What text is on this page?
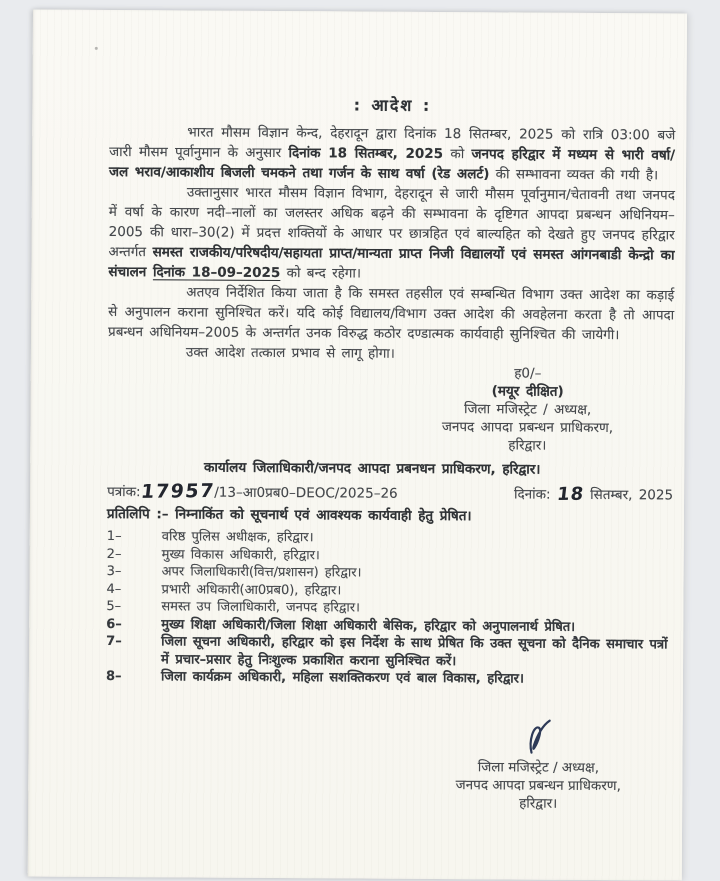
: आदेश :

भारत मौसम विज्ञान केन्द, देहरादून द्वारा दिनांक 18 सितम्बर, 2025 को रात्रि 03:00 बजे जारी मौसम पूर्वानुमान के अनुसार दिनांक 18 सितम्बर, 2025 को जनपद हरिद्वार में मध्यम से भारी वर्षा/जल भराव/आकाशीय बिजली चमकने तथा गर्जन के साथ वर्षा (रेड अलर्ट) की सम्भावना व्यक्त की गयी है।

उक्तानुसार भारत मौसम विज्ञान विभाग, देहरादून से जारी मौसम पूर्वानुमान/चेतावनी तथा जनपद में वर्षा के कारण नदी–नालों का जलस्तर अधिक बढ़ने की सम्भावना के दृष्टिगत आपदा प्रबन्धन अधिनियम–2005 की धारा–30(2) में प्रदत्त शक्तियों के आधार पर छात्रहित एवं बाल्यहित को देखते हुए जनपद हरिद्वार अन्तर्गत समस्त राजकीय/परिषदीय/सहायता प्राप्त/मान्यता प्राप्त निजी विद्यालयों एवं समस्त आंगनबाडी केन्द्रो का संचालन दिनांक 18–09–2025 को बन्द रहेगा।

अतएव निर्देशित किया जाता है कि समस्त तहसील एवं सम्बन्धित विभाग उक्त आदेश का कड़ाई से अनुपालन कराना सुनिश्चित करें। यदि कोई विद्यालय/विभाग उक्त आदेश की अवहेलना करता है तो आपदा प्रबन्धन अधिनियम–2005 के अन्तर्गत उनक विरुद्ध कठोर दण्डात्मक कार्यवाही सुनिश्चित की जायेगी।

उक्त आदेश तत्काल प्रभाव से लागू होगा।

ह0/–
(मयूर दीक्षित)
जिला मजिस्ट्रेट / अध्यक्ष,
जनपद आपदा प्रबन्धन प्राधिकरण,
हरिद्वार।
कार्यालय जिलाधिकारी/जनपद आपदा प्रबनधन प्राधिकरण, हरिद्वार।
पत्रांक:17957/13–आ0प्रब0–DEOC/2025–26	दिनांक: 18 सितम्बर, 2025
प्रतिलिपि :– निम्नाकिंत को सूचनार्थ एवं आवश्यक कार्यवाही हेतु प्रेषित।
1–	वरिष्ठ पुलिस अधीक्षक, हरिद्वार।
2–	मुख्य विकास अधिकारी, हरिद्वार।
3–	अपर जिलाधिकारी(वित्त/प्रशासन) हरिद्वार।
4–	प्रभारी अधिकारी(आ0प्रब0), हरिद्वार।
5–	समस्त उप जिलाधिकारी, जनपद हरिद्वार।
6–	मुख्य शिक्षा अधिकारी/जिला शिक्षा अधिकारी बेसिक, हरिद्वार को अनुपालनार्थ प्रेषित।
7–	जिला सूचना अधिकारी, हरिद्वार को इस निर्देश के साथ प्रेषित कि उक्त सूचना को दैनिक समाचार पत्रों में प्रचार–प्रसार हेतु निःशुल्क प्रकाशित कराना सुनिश्चित करें।
8–	जिला कार्यक्रम अधिकारी, महिला सशक्तिकरण एवं बाल विकास, हरिद्वार।
जिला मजिस्ट्रेट / अध्यक्ष,
जनपद आपदा प्रबन्धन प्राधिकरण,
हरिद्वार।
